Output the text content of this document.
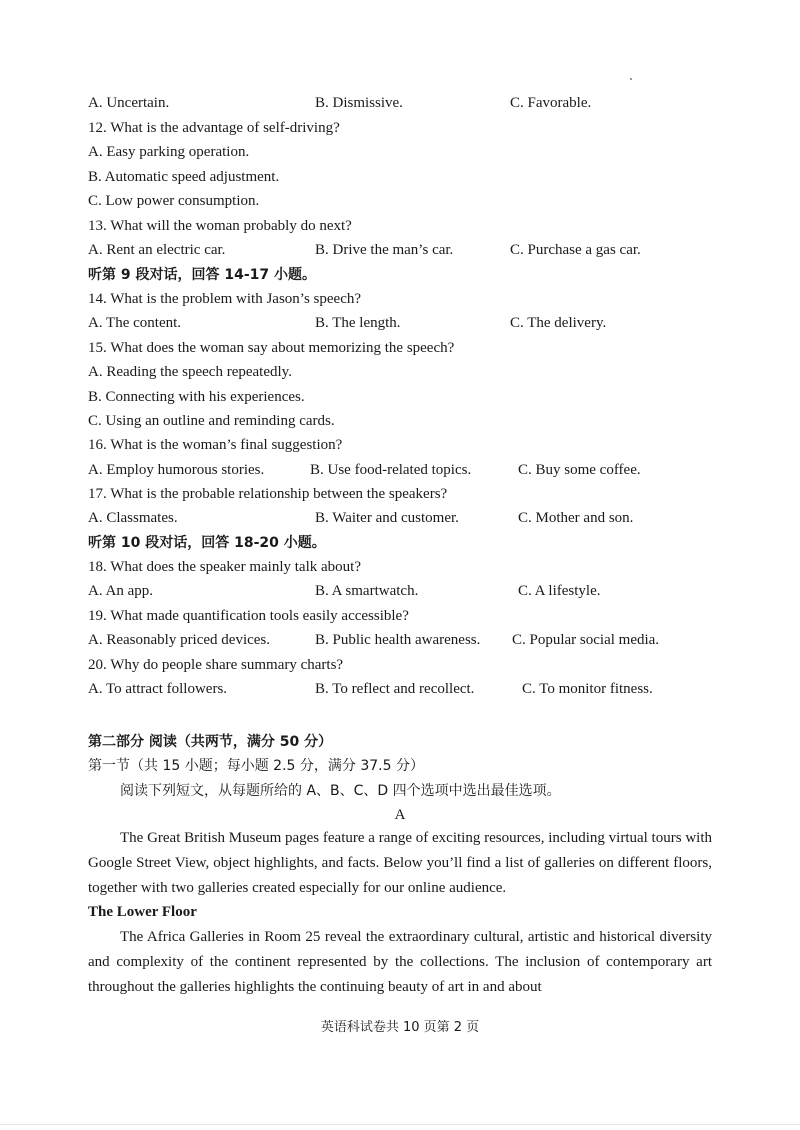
A. Uncertain.	B. Dismissive.	C. Favorable.
12. What is the advantage of self-driving?
A. Easy parking operation.
B. Automatic speed adjustment.
C. Low power consumption.
13. What will the woman probably do next?
A. Rent an electric car.	B. Drive the man’s car.	C. Purchase a gas car.
听第 9 段对话，回答 14-17 小题。
14. What is the problem with Jason’s speech?
A. The content.	B. The length.	C. The delivery.
15. What does the woman say about memorizing the speech?
A. Reading the speech repeatedly.
B. Connecting with his experiences.
C. Using an outline and reminding cards.
16. What is the woman’s final suggestion?
A. Employ humorous stories.	B. Use food-related topics.	C. Buy some coffee.
17. What is the probable relationship between the speakers?
A. Classmates.	B. Waiter and customer.	C. Mother and son.
听第 10 段对话，回答 18-20 小题。
18. What does the speaker mainly talk about?
A. An app.	B. A smartwatch.	C. A lifestyle.
19. What made quantification tools easily accessible?
A. Reasonably priced devices.	B. Public health awareness. C. Popular social media.
20. Why do people share summary charts?
A. To attract followers.	B. To reflect and recollect.	C. To monitor fitness.
第二部分 阅读（共两节，满分 50 分）
第一节（共 15 小题；每小题 2.5 分，满分 37.5 分）
阅读下列短文，从每题所给的 A、B、C、D 四个选项中选出最佳选项。
A

The Great British Museum pages feature a range of exciting resources, including virtual tours with Google Street View, object highlights, and facts. Below you’ll find a list of galleries on different floors, together with two galleries created especially for our online audience.

The Lower Floor

The Africa Galleries in Room 25 reveal the extraordinary cultural, artistic and historical diversity and complexity of the continent represented by the collections. The inclusion of contemporary art throughout the galleries highlights the continuing beauty of art in and about

英语科试卷共 10 页第 2 页
